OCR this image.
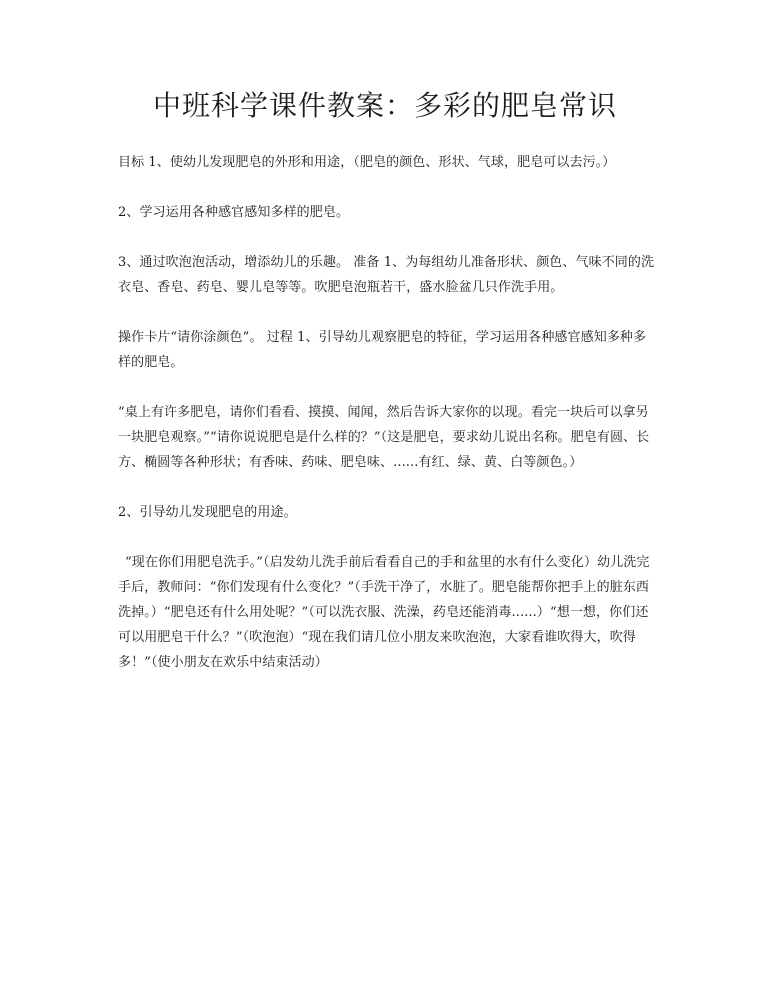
中班科学课件教案：多彩的肥皂常识

目标 1、使幼儿发现肥皂的外形和用途，（肥皂的颜色、形状、气球，肥皂可以去污。）

2、学习运用各种感官感知多样的肥皂。

3、通过吹泡泡活动，增添幼儿的乐趣。 准备 1、为每组幼儿准备形状、颜色、气味不同的洗衣皂、香皂、药皂、婴儿皂等等。吹肥皂泡瓶若干，盛水脸盆几只作洗手用。

操作卡片“请你涂颜色”。 过程 1、引导幼儿观察肥皂的特征，学习运用各种感官感知多种多样的肥皂。

“桌上有许多肥皂，请你们看看、摸摸、闻闻，然后告诉大家你的以现。看完一块后可以拿另一块肥皂观察。”“请你说说肥皂是什么样的？”（这是肥皂，要求幼儿说出名称。肥皂有圆、长方、椭圆等各种形状；有香味、药味、肥皂味、......有红、绿、黄、白等颜色。）

2、引导幼儿发现肥皂的用途。

“现在你们用肥皂洗手。”（启发幼儿洗手前后看看自己的手和盆里的水有什么变化）幼儿洗完手后，教师问：“你们发现有什么变化？”（手洗干净了，水脏了。肥皂能帮你把手上的脏东西洗掉。）“肥皂还有什么用处呢？”（可以洗衣服、洗澡，药皂还能消毒......）“想一想，你们还可以用肥皂干什么？”（吹泡泡）“现在我们请几位小朋友来吹泡泡，大家看谁吹得大，吹得多！”（使小朋友在欢乐中结束活动）
